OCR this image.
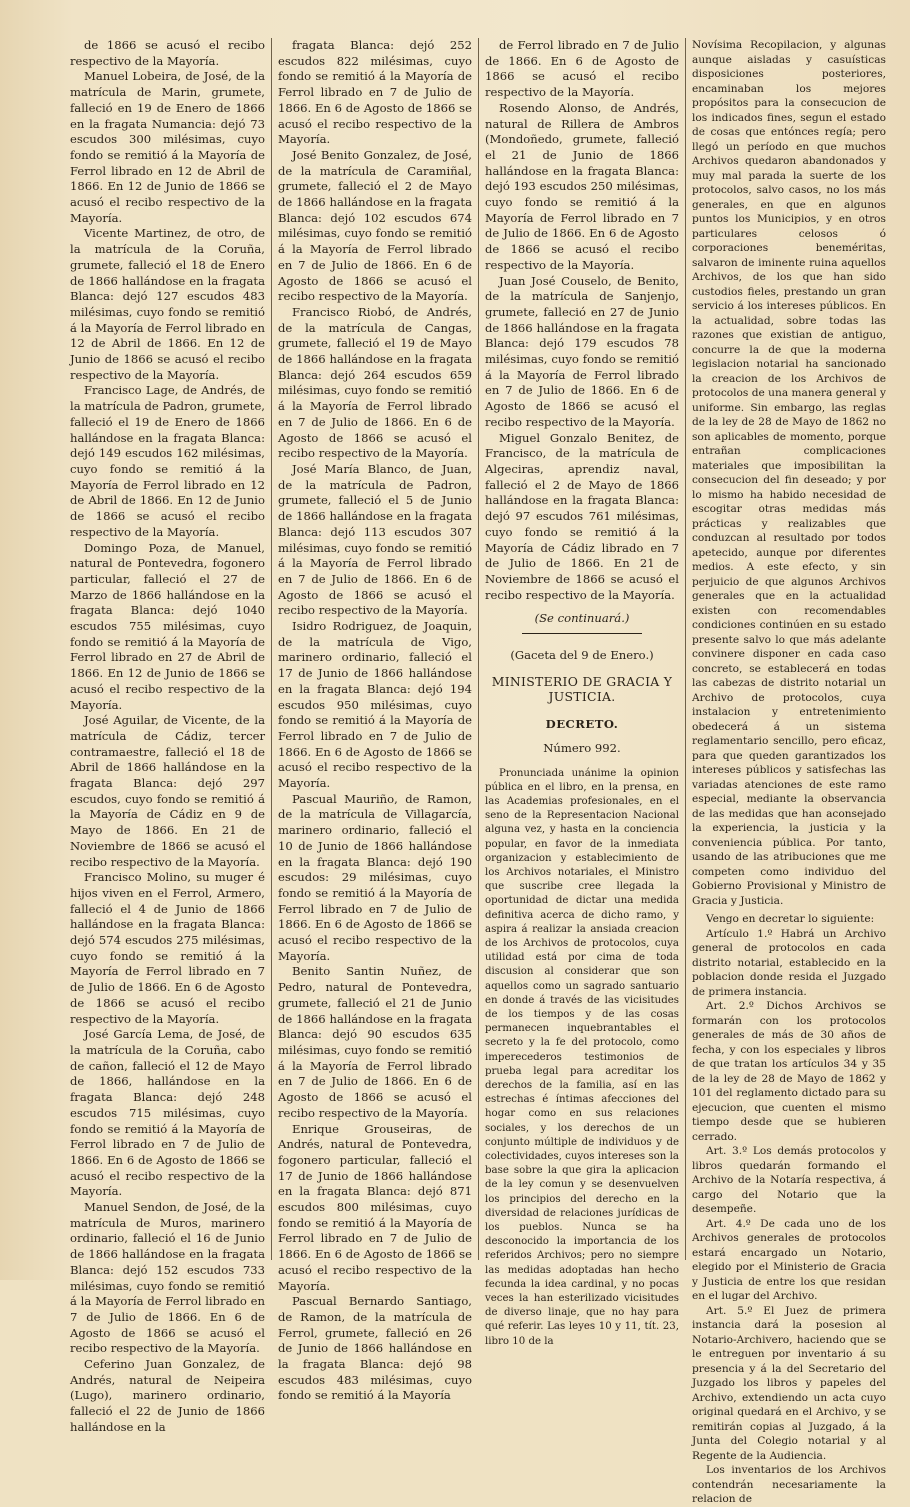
de 1866 se acusó el recibo respectivo de la Mayoría.

Manuel Lobeira, de José, de la matrícula de Marin, grumete, falleció en 19 de Enero de 1866 en la fragata Numancia: dejó 73 escudos 300 milésimas, cuyo fondo se remitió á la Mayoría de Ferrol librado en 12 de Abril de 1866. En 12 de Junio de 1866 se acusó el recibo respectivo de la Mayoría.

Vicente Martinez, de otro, de la matrícula de la Coruña, grumete, falleció el 18 de Enero de 1866 hallándose en la fragata Blanca: dejó 127 escudos 483 milésimas, cuyo fondo se remitió á la Mayoría de Ferrol librado en 12 de Abril de 1866. En 12 de Junio de 1866 se acusó el recibo respectivo de la Mayoría.

Francisco Lage, de Andrés, de la matrícula de Padron, grumete, falleció el 19 de Enero de 1866 hallándose en la fragata Blanca: dejó 149 escudos 162 milésimas, cuyo fondo se remitió á la Mayoría de Ferrol librado en 12 de Abril de 1866. En 12 de Junio de 1866 se acusó el recibo respectivo de la Mayoría.

Domingo Poza, de Manuel, natural de Pontevedra, fogonero particular, falleció el 27 de Marzo de 1866 hallándose en la fragata Blanca: dejó 1040 escudos 755 milésimas, cuyo fondo se remitió á la Mayoría de Ferrol librado en 27 de Abril de 1866. En 12 de Junio de 1866 se acusó el recibo respectivo de la Mayoría.

José Aguilar, de Vicente, de la matrícula de Cádiz, tercer contramaestre, falleció el 18 de Abril de 1866 hallándose en la fragata Blanca: dejó 297 escudos, cuyo fondo se remitió á la Mayoría de Cádiz en 9 de Mayo de 1866. En 21 de Noviembre de 1866 se acusó el recibo respectivo de la Mayoría.

Francisco Molino, su muger é hijos viven en el Ferrol, Armero, falleció el 4 de Junio de 1866 hallándose en la fragata Blanca: dejó 574 escudos 275 milésimas, cuyo fondo se remitió á la Mayoría de Ferrol librado en 7 de Julio de 1866. En 6 de Agosto de 1866 se acusó el recibo respectivo de la Mayoría.

José García Lema, de José, de la matrícula de la Coruña, cabo de cañon, falleció el 12 de Mayo de 1866, hallándose en la fragata Blanca: dejó 248 escudos 715 milésimas, cuyo fondo se remitió á la Mayoría de Ferrol librado en 7 de Julio de 1866. En 6 de Agosto de 1866 se acusó el recibo respectivo de la Mayoría.

Manuel Sendon, de José, de la matrícula de Muros, marinero ordinario, falleció el 16 de Junio de 1866 hallándose en la fragata Blanca: dejó 152 escudos 733 milésimas, cuyo fondo se remitió á la Mayoría de Ferrol librado en 7 de Julio de 1866. En 6 de Agosto de 1866 se acusó el recibo respectivo de la Mayoría.

Ceferino Juan Gonzalez, de Andrés, natural de Neipeira (Lugo), marinero ordinario, falleció el 22 de Junio de 1866 hallándose en la

fragata Blanca: dejó 252 escudos 822 milésimas, cuyo fondo se remitió á la Mayoría de Ferrol librado en 7 de Julio de 1866. En 6 de Agosto de 1866 se acusó el recibo respectivo de la Mayoría.

José Benito Gonzalez, de José, de la matrícula de Caramiñal, grumete, falleció el 2 de Mayo de 1866 hallándose en la fragata Blanca: dejó 102 escudos 674 milésimas, cuyo fondo se remitió á la Mayoría de Ferrol librado en 7 de Julio de 1866. En 6 de Agosto de 1866 se acusó el recibo respectivo de la Mayoría.

Francisco Riobó, de Andrés, de la matrícula de Cangas, grumete, falleció el 19 de Mayo de 1866 hallándose en la fragata Blanca: dejó 264 escudos 659 milésimas, cuyo fondo se remitió á la Mayoría de Ferrol librado en 7 de Julio de 1866. En 6 de Agosto de 1866 se acusó el recibo respectivo de la Mayoría.

José María Blanco, de Juan, de la matrícula de Padron, grumete, falleció el 5 de Junio de 1866 hallándose en la fragata Blanca: dejó 113 escudos 307 milésimas, cuyo fondo se remitió á la Mayoría de Ferrol librado en 7 de Julio de 1866. En 6 de Agosto de 1866 se acusó el recibo respectivo de la Mayoría.

Isidro Rodriguez, de Joaquin, de la matrícula de Vigo, marinero ordinario, falleció el 17 de Junio de 1866 hallándose en la fragata Blanca: dejó 194 escudos 950 milésimas, cuyo fondo se remitió á la Mayoría de Ferrol librado en 7 de Julio de 1866. En 6 de Agosto de 1866 se acusó el recibo respectivo de la Mayoría.

Pascual Mauriño, de Ramon, de la matrícula de Villagarcía, marinero ordinario, falleció el 10 de Junio de 1866 hallándose en la fragata Blanca: dejó 190 escudos: 29 milésimas, cuyo fondo se remitió á la Mayoría de Ferrol librado en 7 de Julio de 1866. En 6 de Agosto de 1866 se acusó el recibo respectivo de la Mayoría.

Benito Santin Nuñez, de Pedro, natural de Pontevedra, grumete, falleció el 21 de Junio de 1866 hallándose en la fragata Blanca: dejó 90 escudos 635 milésimas, cuyo fondo se remitió á la Mayoría de Ferrol librado en 7 de Julio de 1866. En 6 de Agosto de 1866 se acusó el recibo respectivo de la Mayoría.

Enrique Grouseiras, de Andrés, natural de Pontevedra, fogonero particular, falleció el 17 de Junio de 1866 hallándose en la fragata Blanca: dejó 871 escudos 800 milésimas, cuyo fondo se remitió á la Mayoría de Ferrol librado en 7 de Julio de 1866. En 6 de Agosto de 1866 se acusó el recibo respectivo de la Mayoría.

Pascual Bernardo Santiago, de Ramon, de la matrícula de Ferrol, grumete, falleció en 26 de Junio de 1866 hallándose en la fragata Blanca: dejó 98 escudos 483 milésimas, cuyo fondo se remitió á la Mayoría

de Ferrol librado en 7 de Julio de 1866. En 6 de Agosto de 1866 se acusó el recibo respectivo de la Mayoría.

Rosendo Alonso, de Andrés, natural de Rillera de Ambros (Mondoñedo, grumete, falleció el 21 de Junio de 1866 hallándose en la fragata Blanca: dejó 193 escudos 250 milésimas, cuyo fondo se remitió á la Mayoría de Ferrol librado en 7 de Julio de 1866. En 6 de Agosto de 1866 se acusó el recibo respectivo de la Mayoría.

Juan José Couselo, de Benito, de la matrícula de Sanjenjo, grumete, falleció en 27 de Junio de 1866 hallándose en la fragata Blanca: dejó 179 escudos 78 milésimas, cuyo fondo se remitió á la Mayoría de Ferrol librado en 7 de Julio de 1866. En 6 de Agosto de 1866 se acusó el recibo respectivo de la Mayoría.

Miguel Gonzalo Benitez, de Francisco, de la matrícula de Algeciras, aprendiz naval, falleció el 2 de Mayo de 1866 hallándose en la fragata Blanca: dejó 97 escudos 761 milésimas, cuyo fondo se remitió á la Mayoría de Cádiz librado en 7 de Julio de 1866. En 21 de Noviembre de 1866 se acusó el recibo respectivo de la Mayoría.

(Se continuará.)

(Gaceta del 9 de Enero.)

MINISTERIO DE GRACIA Y JUSTICIA.

DECRETO.

Número 992.

Pronunciada unánime la opinion pública en el libro, en la prensa, en las Academias profesionales, en el seno de la Representacion Nacional alguna vez, y hasta en la conciencia popular, en favor de la inmediata organizacion y establecimiento de los Archivos notariales, el Ministro que suscribe cree llegada la oportunidad de dictar una medida definitiva acerca de dicho ramo, y aspira á realizar la ansiada creacion de los Archivos de protocolos, cuya utilidad está por cima de toda discusion al considerar que son aquellos como un sagrado santuario en donde á través de las vicisitudes de los tiempos y de las cosas permanecen inquebrantables el secreto y la fe del protocolo, como imperecederos testimonios de prueba legal para acreditar los derechos de la familia, así en las estrechas é íntimas afecciones del hogar como en sus relaciones sociales, y los derechos de un conjunto múltiple de individuos y de colectividades, cuyos intereses son la base sobre la que gira la aplicacion de la ley comun y se desenvuelven los principios del derecho en la diversidad de relaciones jurídicas de los pueblos. Nunca se ha desconocido la importancia de los referidos Archivos; pero no siempre las medidas adoptadas han hecho fecunda la idea cardinal, y no pocas veces la han esterilizado vicisitudes de diverso linaje, que no hay para qué referir. Las leyes 10 y 11, tít. 23, libro 10 de la

Novísima Recopilacion, y algunas aunque aisladas y casuísticas disposiciones posteriores, encaminaban los mejores propósitos para la consecucion de los indicados fines, segun el estado de cosas que entónces regía; pero llegó un período en que muchos Archivos quedaron abandonados y muy mal parada la suerte de los protocolos, salvo casos, no los más generales, en que en algunos puntos los Municipios, y en otros particulares celosos ó corporaciones beneméritas, salvaron de iminente ruina aquellos Archivos, de los que han sido custodios fieles, prestando un gran servicio á los intereses públicos. En la actualidad, sobre todas las razones que existian de antiguo, concurre la de que la moderna legislacion notarial ha sancionado la creacion de los Archivos de protocolos de una manera general y uniforme. Sin embargo, las reglas de la ley de 28 de Mayo de 1862 no son aplicables de momento, porque entrañan complicaciones materiales que imposibilitan la consecucion del fin deseado; y por lo mismo ha habido necesidad de escogitar otras medidas más prácticas y realizables que conduzcan al resultado por todos apetecido, aunque por diferentes medios. A este efecto, y sin perjuicio de que algunos Archivos generales que en la actualidad existen con recomendables condiciones continúen en su estado presente salvo lo que más adelante convinere disponer en cada caso concreto, se establecerá en todas las cabezas de distrito notarial un Archivo de protocolos, cuya instalacion y entretenimiento obedecerá á un sistema reglamentario sencillo, pero eficaz, para que queden garantizados los intereses públicos y satisfechas las variadas atenciones de este ramo especial, mediante la observancia de las medidas que han aconsejado la experiencia, la justicia y la conveniencia pública. Por tanto, usando de las atribuciones que me competen como individuo del Gobierno Provisional y Ministro de Gracia y Justicia.

Vengo en decretar lo siguiente:

Artículo 1.º Habrá un Archivo general de protocolos en cada distrito notarial, establecido en la poblacion donde resida el Juzgado de primera instancia.

Art. 2.º Dichos Archivos se formarán con los protocolos generales de más de 30 años de fecha, y con los especiales y libros de que tratan los artículos 34 y 35 de la ley de 28 de Mayo de 1862 y 101 del reglamento dictado para su ejecucion, que cuenten el mismo tiempo desde que se hubieren cerrado.

Art. 3.º Los demás protocolos y libros quedarán formando el Archivo de la Notaría respectiva, á cargo del Notario que la desempeñe.

Art. 4.º De cada uno de los Archivos generales de protocolos estará encargado un Notario, elegido por el Ministerio de Gracia y Justicia de entre los que residan en el lugar del Archivo.

Art. 5.º El Juez de primera instancia dará la posesion al Notario-Archivero, haciendo que se le entreguen por inventario á su presencia y á la del Secretario del Juzgado los libros y papeles del Archivo, extendiendo un acta cuyo original quedará en el Archivo, y se remitirán copias al Juzgado, á la Junta del Colegio notarial y al Regente de la Audiencia.

Los inventarios de los Archivos contendrán necesariamente la relacion de
